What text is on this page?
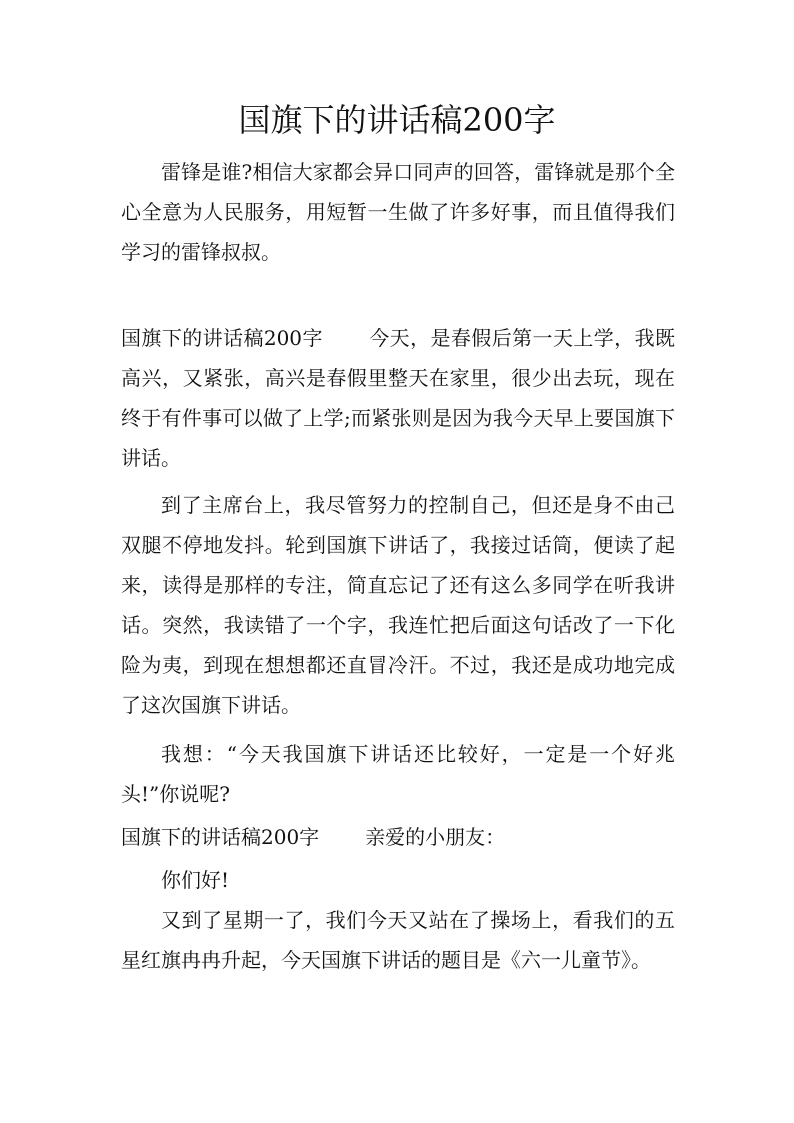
国旗下的讲话稿200字

雷锋是谁?相信大家都会异口同声的回答，雷锋就是那个全心全意为人民服务，用短暂一生做了许多好事，而且值得我们学习的雷锋叔叔。

国旗下的讲话稿200字 今天，是春假后第一天上学，我既高兴，又紧张，高兴是春假里整天在家里，很少出去玩，现在终于有件事可以做了上学;而紧张则是因为我今天早上要国旗下讲话。

到了主席台上，我尽管努力的控制自己，但还是身不由己双腿不停地发抖。轮到国旗下讲话了，我接过话筒，便读了起来，读得是那样的专注，简直忘记了还有这么多同学在听我讲话。突然，我读错了一个字，我连忙把后面这句话改了一下化险为夷，到现在想想都还直冒冷汗。不过，我还是成功地完成了这次国旗下讲话。

我想：“今天我国旗下讲话还比较好，一定是一个好兆头!”你说呢?

国旗下的讲话稿200字 亲爱的小朋友：

你们好!

又到了星期一了，我们今天又站在了操场上，看我们的五星红旗冉冉升起，今天国旗下讲话的题目是《六一儿童节》。
